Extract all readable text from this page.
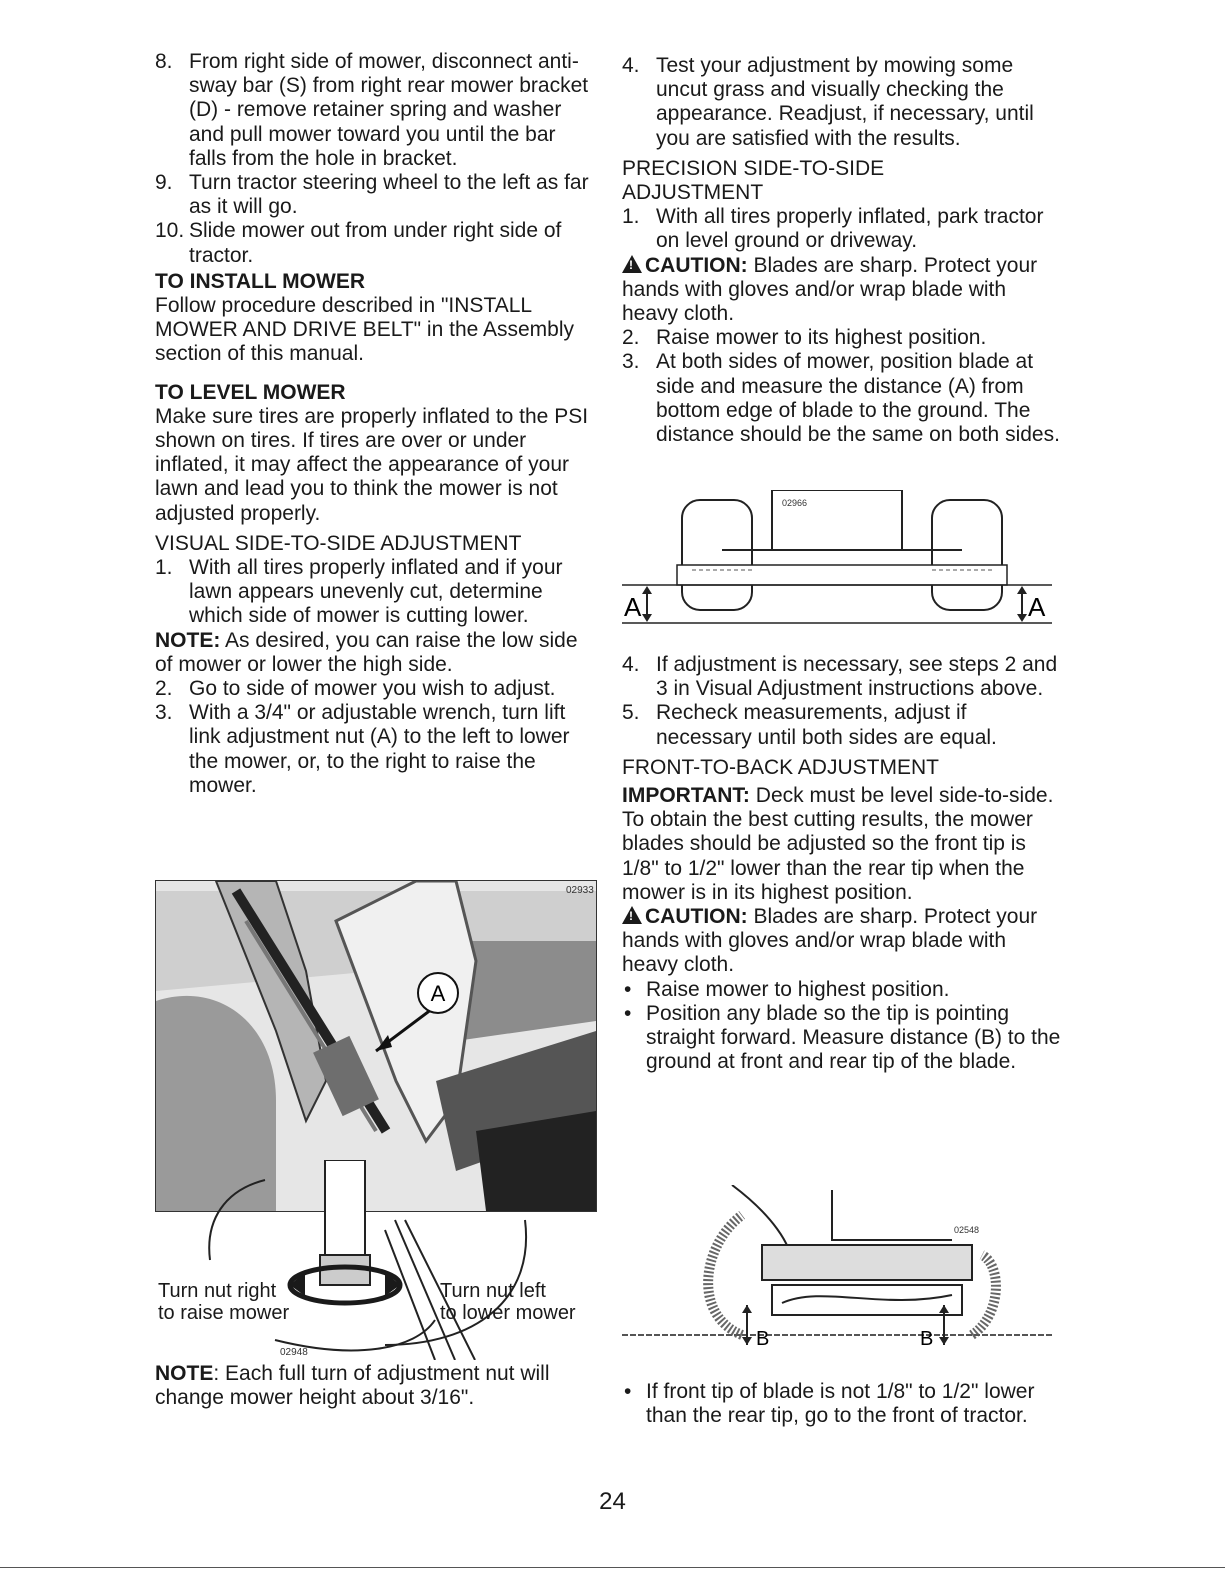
8. From right side of mower, disconnect anti-sway bar (S) from right rear mower bracket (D) - remove retainer spring and washer and pull mower toward you until the bar falls from the hole in bracket.
9. Turn tractor steering wheel to the left as far as it will go.
10. Slide mower out from under right side of tractor.

TO INSTALL MOWER

Follow procedure described in "INSTALL MOWER AND DRIVE BELT" in the Assembly section of this manual.

TO LEVEL MOWER

Make sure tires are properly inflated to the PSI shown on tires. If tires are over or under inflated, it may affect the appearance of your lawn and lead you to think the mower is not adjusted properly.

VISUAL SIDE-TO-SIDE ADJUSTMENT

1. With all tires properly inflated and if your lawn appears unevenly cut, determine which side of mower is cutting lower.

NOTE: As desired, you can raise the low side of mower or lower the high side.

2. Go to side of mower you wish to adjust.
3. With a 3/4" or adjustable wrench, turn lift link adjustment nut (A) to the left to lower the mower, or, to the right to raise the mower.
A
02933
02948
Turn nut right
to raise mower
Turn nut left
to lower mower

NOTE: Each full turn of adjustment nut will change mower height about 3/16".

4. Test your adjustment by mowing some uncut grass and visually checking the appearance. Readjust, if necessary, until you are satisfied with the results.

PRECISION SIDE-TO-SIDE ADJUSTMENT

1. With all tires properly inflated, park tractor on level ground or driveway.

!CAUTION: Blades are sharp. Protect your hands with gloves and/or wrap blade with heavy cloth.

2. Raise mower to its highest position.
3. At both sides of mower, position blade at side and measure the distance (A) from bottom edge of blade to the ground. The distance should be the same on both sides.
A	A
02966
4. If adjustment is necessary, see steps 2 and 3 in Visual Adjustment instructions above.
5. Recheck measurements, adjust if necessary until both sides are equal.

FRONT-TO-BACK ADJUSTMENT

IMPORTANT: Deck must be level side-to-side.

To obtain the best cutting results, the mower blades should be adjusted so the front tip is 1/8" to 1/2" lower than the rear tip when the mower is in its highest position.

!CAUTION: Blades are sharp. Protect your hands with gloves and/or wrap blade with heavy cloth.

• Raise mower to highest position.
• Position any blade so the tip is pointing straight forward. Measure distance (B) to the ground at front and rear tip of the blade.
B	B
02548
• If front tip of blade is not 1/8" to 1/2" lower than the rear tip, go to the front of tractor.
24
